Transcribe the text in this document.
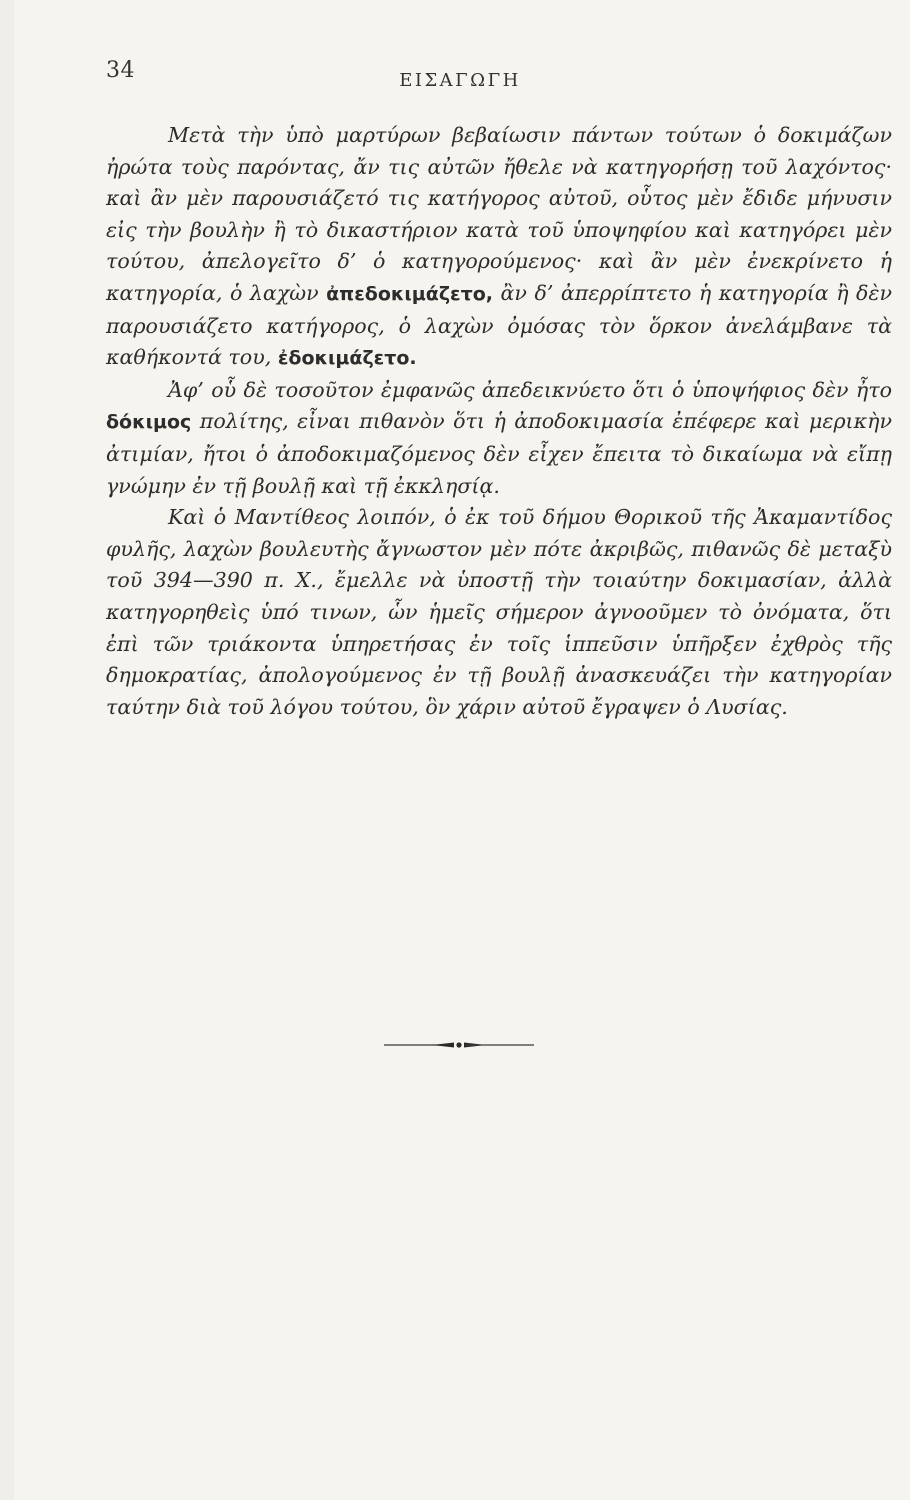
34	ΕΙΣΑΓΩΓΗ

Μετὰ τὴν ὑπὸ μαρτύρων βεβαίωσιν πάντων τούτων ὁ δοκιμάζων ἠρώτα τοὺς παρόντας, ἄν τις αὐτῶν ἤθελε νὰ κατηγορήσῃ τοῦ λαχόντος· καὶ ἂν μὲν παρουσιάζετό τις κατήγορος αὐτοῦ, οὗτος μὲν ἔδιδε μήνυσιν εἰς τὴν βουλὴν ἢ τὸ δικαστήριον κατὰ τοῦ ὑποψηφίου καὶ κατηγόρει μὲν τούτου, ἀπελογεῖτο δ’ ὁ κατηγορούμενος· καὶ ἂν μὲν ἐνεκρίνετο ἡ κατηγορία, ὁ λαχὼν ἀπεδοκιμάζετο, ἂν δ’ ἀπερρίπτετο ἡ κατηγορία ἢ δὲν παρουσιάζετο κατήγορος, ὁ λαχὼν ὀμόσας τὸν ὅρκον ἀνελάμβανε τὰ καθήκοντά του, ἐδοκιμάζετο.

Ἀφ’ οὗ δὲ τοσοῦτον ἐμφανῶς ἀπεδεικνύετο ὅτι ὁ ὑποψήφιος δὲν ἦτο δόκιμος πολίτης, εἶναι πιθανὸν ὅτι ἡ ἀποδοκιμασία ἐπέφερε καὶ μερικὴν ἀτιμίαν, ἤτοι ὁ ἀποδοκιμαζόμενος δὲν εἶχεν ἔπειτα τὸ δικαίωμα νὰ εἴπῃ γνώμην ἐν τῇ βουλῇ καὶ τῇ ἐκκλησίᾳ.

Καὶ ὁ Μαντίθεος λοιπόν, ὁ ἐκ τοῦ δήμου Θορικοῦ τῆς Ἀκαμαντίδος φυλῆς, λαχὼν βουλευτὴς ἄγνωστον μὲν πότε ἀκριβῶς, πιθανῶς δὲ μεταξὺ τοῦ 394—390 π. Χ., ἔμελλε νὰ ὑποστῇ τὴν τοιαύτην δοκιμασίαν, ἀλλὰ κατηγορηθεὶς ὑπό τινων, ὧν ἡμεῖς σήμερον ἀγνοοῦμεν τὸ ὀνόματα, ὅτι ἐπὶ τῶν τριάκοντα ὑπηρετήσας ἐν τοῖς ἱππεῦσιν ὑπῆρξεν ἐχθρὸς τῆς δημοκρατίας, ἀπολογούμενος ἐν τῇ βουλῇ ἀνασκευάζει τὴν κατηγορίαν ταύτην διὰ τοῦ λόγου τούτου, ὃν χάριν αὐτοῦ ἔγραψεν ὁ Λυσίας.
